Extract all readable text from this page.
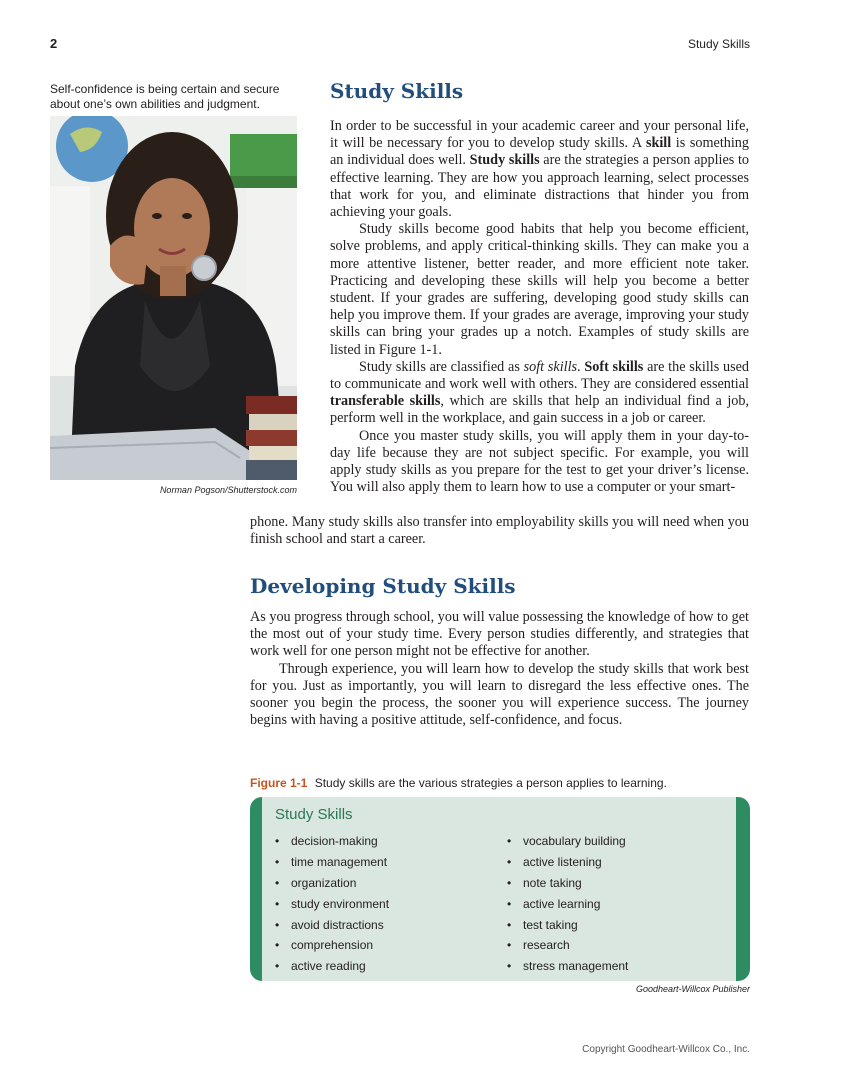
2	Study Skills
Self-confidence is being certain and secure about one’s own abilities and judgment.
Norman Pogson/Shutterstock.com
Study Skills

In order to be successful in your academic career and your personal life, it will be necessary for you to develop study skills. A skill is something an individual does well. Study skills are the strategies a person applies to effective learning. They are how you approach learning, select processes that work for you, and eliminate distractions that hinder you from achieving your goals.

Study skills become good habits that help you become efficient, solve problems, and apply critical-thinking skills. They can make you a more attentive listener, better reader, and more efficient note taker. Practicing and developing these skills will help you become a better student. If your grades are suffering, developing good study skills can help you improve them. If your grades are average, improving your study skills can bring your grades up a notch. Examples of study skills are listed in Figure 1-1.

Study skills are classified as soft skills. Soft skills are the skills used to communicate and work well with others. They are considered essential transferable skills, which are skills that help an individual find a job, perform well in the workplace, and gain success in a job or career.

Once you master study skills, you will apply them in your day-to-day life because they are not subject specific. For example, you will apply study skills as you prepare for the test to get your driver’s license. You will also apply them to learn how to use a computer or your smart-

phone. Many study skills also transfer into employability skills you will need when you finish school and start a career.
Developing Study Skills

As you progress through school, you will value possessing the knowledge of how to get the most out of your study time. Every person studies differently, and strategies that work well for one person might not be effective for another.

Through experience, you will learn how to develop the study skills that work best for you. Just as importantly, you will learn to disregard the less effective ones. The sooner you begin the process, the sooner you will experience success. The journey begins with having a positive attitude, self-confidence, and focus.

Figure 1-1 Study skills are the various strategies a person applies to learning.
Study Skills
• decision-making
• time management
• organization
• study environment
• avoid distractions
• comprehension
• active reading
• vocabulary building
• active listening
• note taking
• active learning
• test taking
• research
• stress management
Goodheart-Willcox Publisher
Copyright Goodheart-Willcox Co., Inc.
